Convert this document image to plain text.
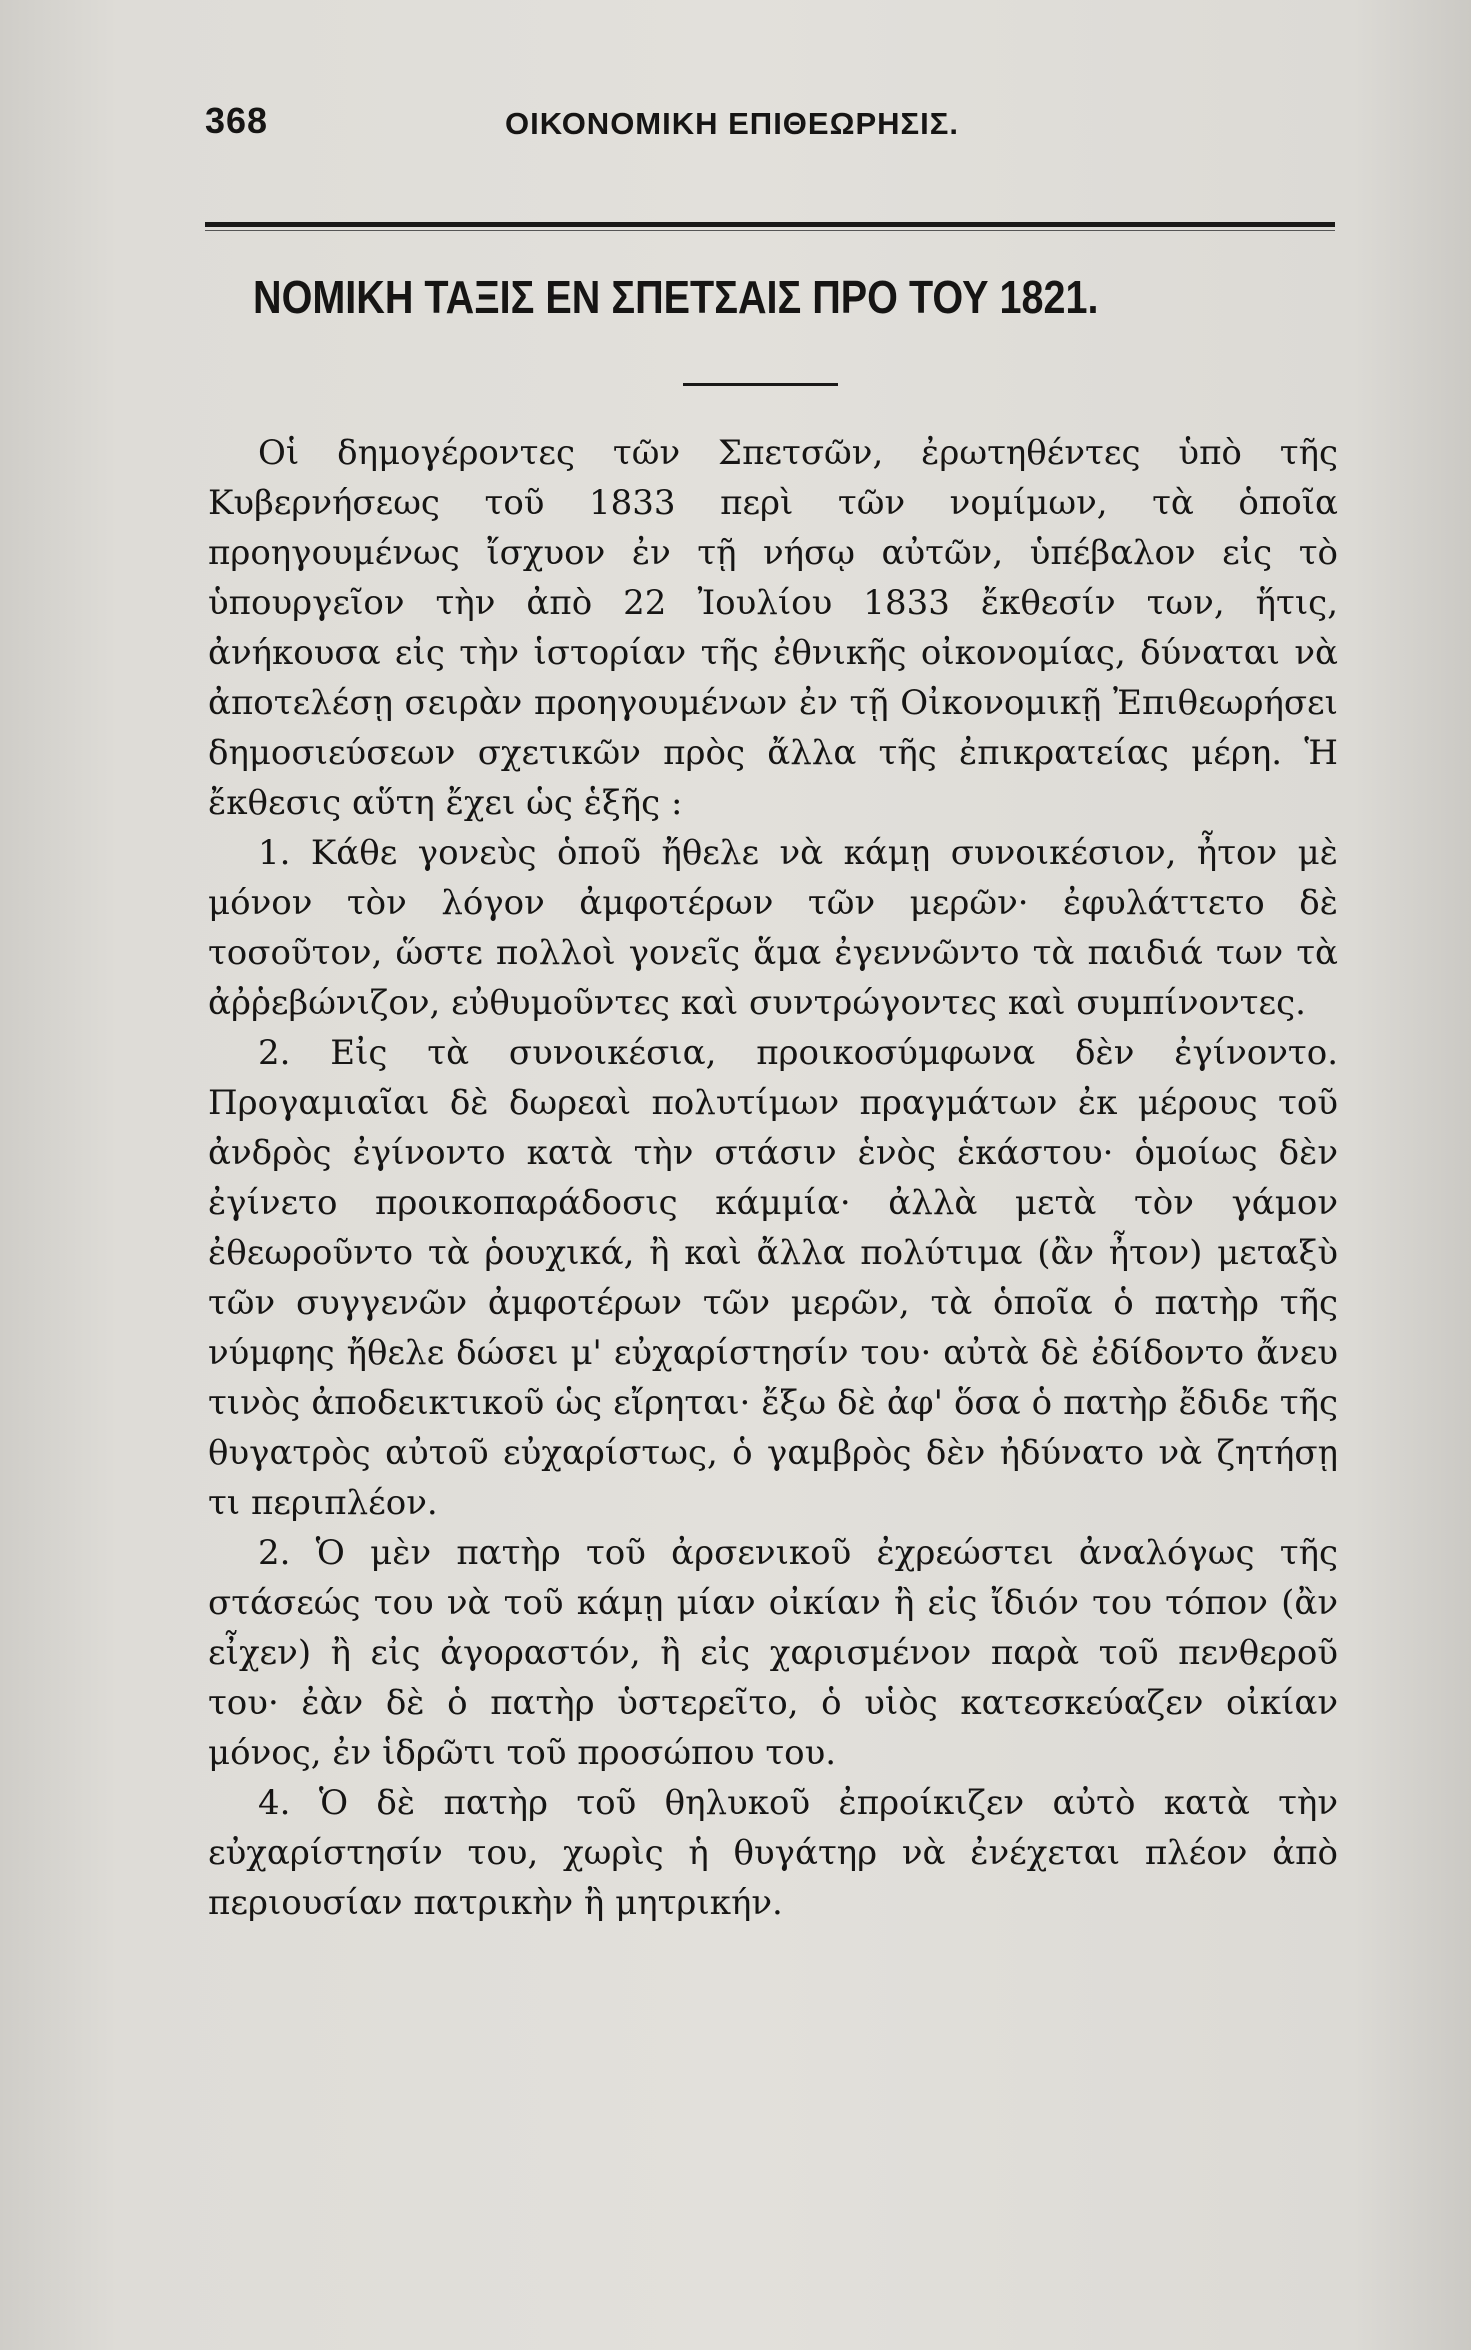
368	ΟΙΚΟΝΟΜΙΚΗ ΕΠΙΘΕΩΡΗΣΙΣ.
ΝΟΜΙΚΗ ΤΑΞΙΣ ΕΝ ΣΠΕΤΣΑΙΣ ΠΡΟ ΤΟΥ 1821.

Οἱ δημογέροντες τῶν Σπετσῶν, ἐρωτηθέντες ὑπὸ τῆς Κυβερνήσεως τοῦ 1833 περὶ τῶν νομίμων, τὰ ὁποῖα προηγουμένως ἴσχυον ἐν τῇ νήσῳ αὐτῶν, ὑπέβαλον εἰς τὸ ὑπουργεῖον τὴν ἀπὸ 22 Ἰουλίου 1833 ἔκθεσίν των, ἥτις, ἀνήκουσα εἰς τὴν ἱστορίαν τῆς ἐθνικῆς οἰκονομίας, δύναται νὰ ἀποτελέσῃ σειρὰν προηγουμένων ἐν τῇ Οἰκονομικῇ Ἐπιθεωρήσει δημοσιεύσεων σχετικῶν πρὸς ἄλλα τῆς ἐπικρατείας μέρη. Ἡ ἔκθεσις αὕτη ἔχει ὡς ἑξῆς :

1. Κάθε γονεὺς ὁποῦ ἤθελε νὰ κάμῃ συνοικέσιον, ἦτον μὲ μόνον τὸν λόγον ἀμφοτέρων τῶν μερῶν· ἐφυλάττετο δὲ τοσοῦτον, ὥστε πολλοὶ γονεῖς ἅμα ἐγεννῶντο τὰ παιδιά των τὰ ἀῤῥεβώνιζον, εὐθυμοῦντες καὶ συντρώγοντες καὶ συμπίνοντες.

2. Εἰς τὰ συνοικέσια, προικοσύμφωνα δὲν ἐγίνοντο. Προγαμιαῖαι δὲ δωρεαὶ πολυτίμων πραγμάτων ἐκ μέρους τοῦ ἀνδρὸς ἐγίνοντο κατὰ τὴν στάσιν ἑνὸς ἑκάστου· ὁμοίως δὲν ἐγίνετο προικοπαράδοσις κάμμία· ἀλλὰ μετὰ τὸν γάμον ἐθεωροῦντο τὰ ῥουχικά, ἢ καὶ ἄλλα πολύτιμα (ἂν ἦτον) μεταξὺ τῶν συγγενῶν ἀμφοτέρων τῶν μερῶν, τὰ ὁποῖα ὁ πατὴρ τῆς νύμφης ἤθελε δώσει μ' εὐχαρίστησίν του· αὐτὰ δὲ ἐδίδοντο ἄνευ τινὸς ἀποδεικτικοῦ ὡς εἴρηται· ἔξω δὲ ἀφ' ὅσα ὁ πατὴρ ἔδιδε τῆς θυγατρὸς αὐτοῦ εὐχαρίστως, ὁ γαμβρὸς δὲν ἠδύνατο νὰ ζητήσῃ τι περιπλέον.

2. Ὁ μὲν πατὴρ τοῦ ἀρσενικοῦ ἐχρεώστει ἀναλόγως τῆς στάσεώς του νὰ τοῦ κάμῃ μίαν οἰκίαν ἢ εἰς ἴδιόν του τόπον (ἂν εἶχεν) ἢ εἰς ἀγοραστόν, ἢ εἰς χαρισμένον παρὰ τοῦ πενθεροῦ του· ἐὰν δὲ ὁ πατὴρ ὑστερεῖτο, ὁ υἱὸς κατεσκεύαζεν οἰκίαν μόνος, ἐν ἱδρῶτι τοῦ προσώπου του.

4. Ὁ δὲ πατὴρ τοῦ θηλυκοῦ ἐπροίκιζεν αὐτὸ κατὰ τὴν εὐχαρίστησίν του, χωρὶς ἡ θυγάτηρ νὰ ἐνέχεται πλέον ἀπὸ περιουσίαν πατρικὴν ἢ μητρικήν.
